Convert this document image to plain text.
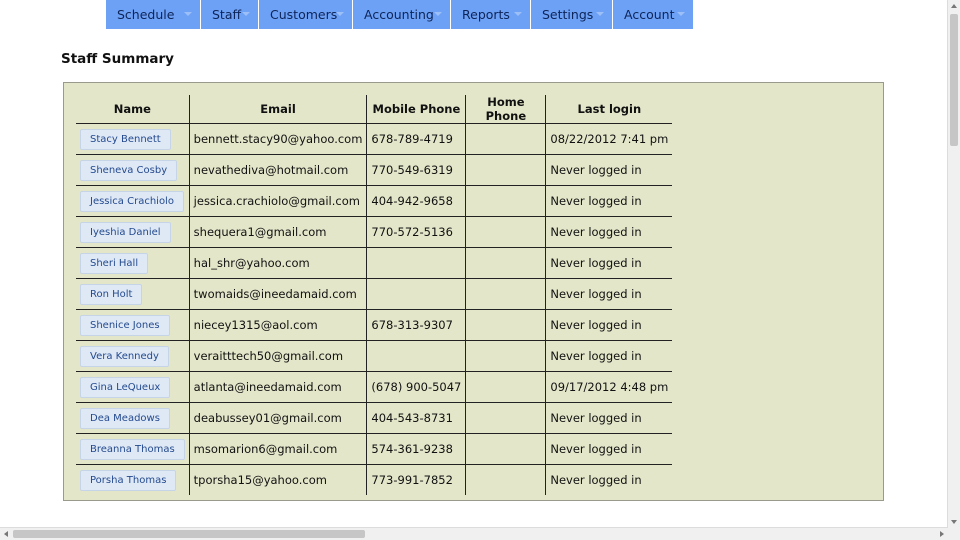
Schedule	Staff	Customers	Accounting	Reports	Settings	Account
Staff Summary
Name	Email	Mobile Phone	Home Phone	Last login
Stacy Bennett	bennett.stacy90@yahoo.com	678-789-4719		08/22/2012 7:41 pm
Sheneva Cosby	nevathediva@hotmail.com	770-549-6319		Never logged in
Jessica Crachiolo	jessica.crachiolo@gmail.com	404-942-9658		Never logged in
Iyeshia Daniel	shequera1@gmail.com	770-572-5136		Never logged in
Sheri Hall	hal_shr@yahoo.com			Never logged in
Ron Holt	twomaids@ineedamaid.com			Never logged in
Shenice Jones	niecey1315@aol.com	678-313-9307		Never logged in
Vera Kennedy	veraitttech50@gmail.com			Never logged in
Gina LeQueux	atlanta@ineedamaid.com	(678) 900-5047		09/17/2012 4:48 pm
Dea Meadows	deabussey01@gmail.com	404-543-8731		Never logged in
Breanna Thomas	msomarion6@gmail.com	574-361-9238		Never logged in
Porsha Thomas	tporsha15@yahoo.com	773-991-7852		Never logged in
